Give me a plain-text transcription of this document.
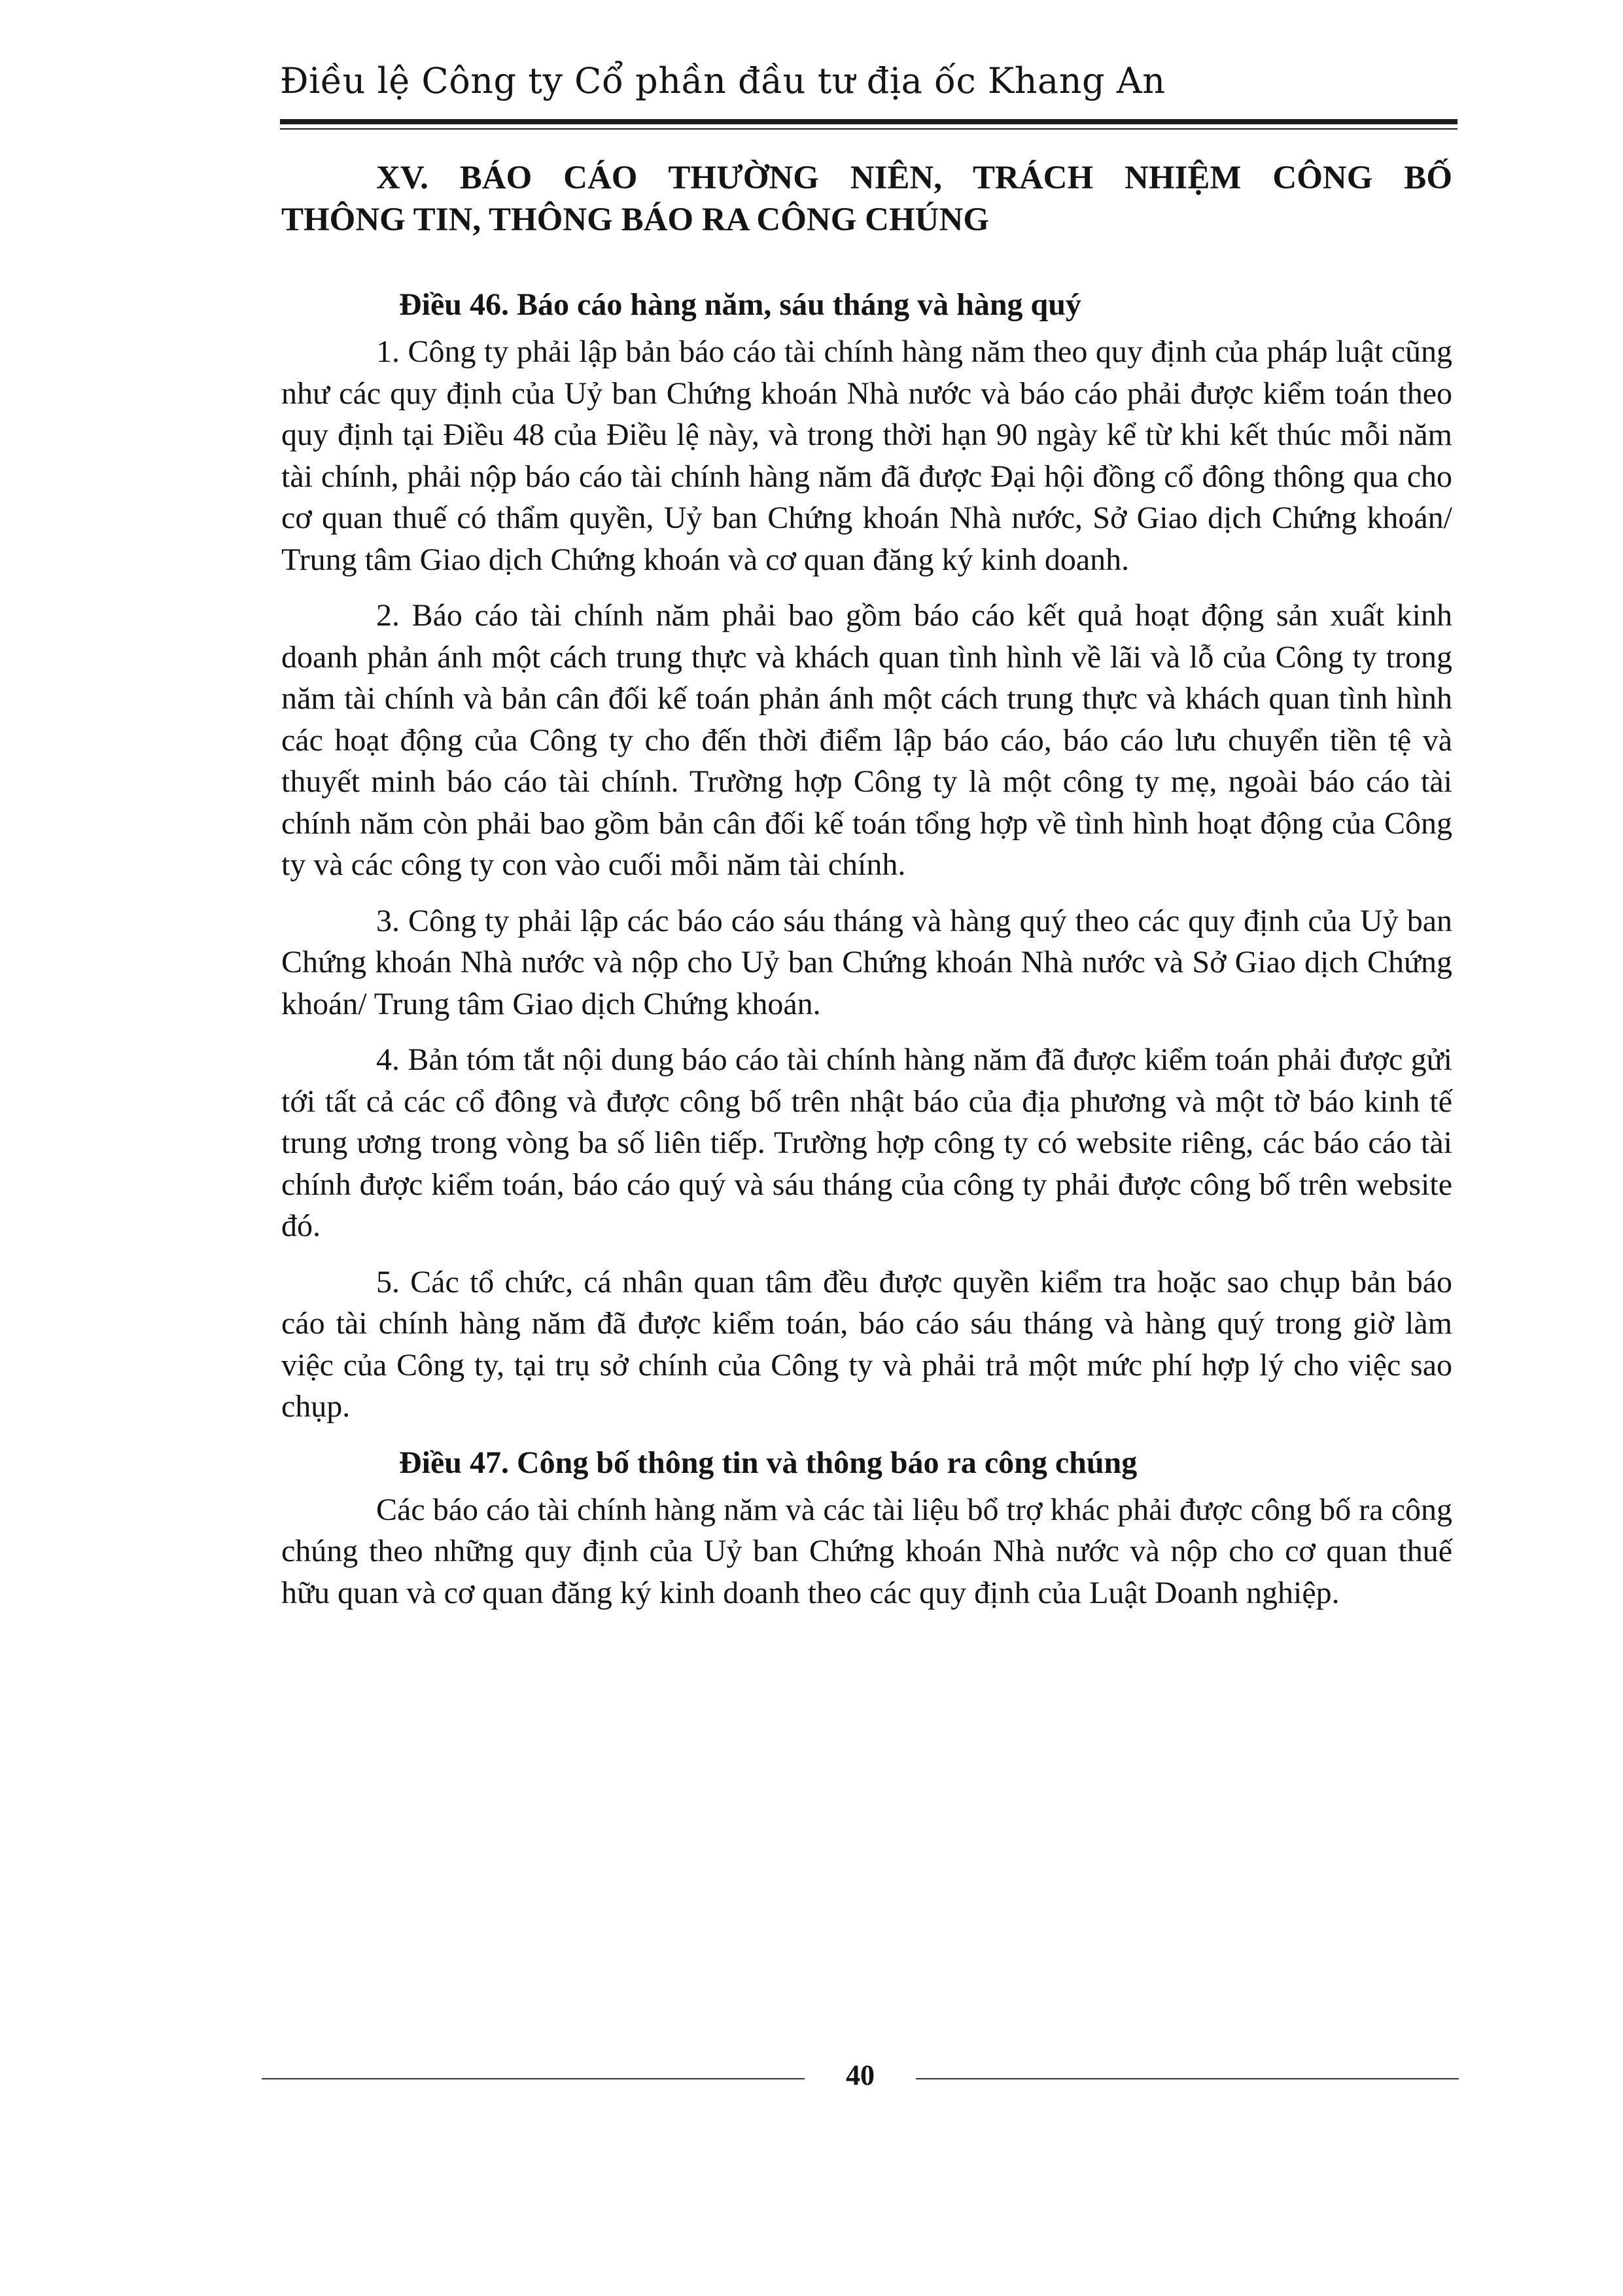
Điều lệ Công ty Cổ phần đầu tư địa ốc Khang An
XV. BÁO CÁO THƯỜNG NIÊN, TRÁCH NHIỆM CÔNG BỐ
THÔNG TIN, THÔNG BÁO RA CÔNG CHÚNG
Điều 46. Báo cáo hàng năm, sáu tháng và hàng quý

1. Công ty phải lập bản báo cáo tài chính hàng năm theo quy định của pháp luật cũng như các quy định của Uỷ ban Chứng khoán Nhà nước và báo cáo phải được kiểm toán theo quy định tại Điều 48 của Điều lệ này, và trong thời hạn 90 ngày kể từ khi kết thúc mỗi năm tài chính, phải nộp báo cáo tài chính hàng năm đã được Đại hội đồng cổ đông thông qua cho cơ quan thuế có thẩm quyền, Uỷ ban Chứng khoán Nhà nước, Sở Giao dịch Chứng khoán/ Trung tâm Giao dịch Chứng khoán và cơ quan đăng ký kinh doanh.

2. Báo cáo tài chính năm phải bao gồm báo cáo kết quả hoạt động sản xuất kinh doanh phản ánh một cách trung thực và khách quan tình hình về lãi và lỗ của Công ty trong năm tài chính và bản cân đối kế toán phản ánh một cách trung thực và khách quan tình hình các hoạt động của Công ty cho đến thời điểm lập báo cáo, báo cáo lưu chuyển tiền tệ và thuyết minh báo cáo tài chính. Trường hợp Công ty là một công ty mẹ, ngoài báo cáo tài chính năm còn phải bao gồm bản cân đối kế toán tổng hợp về tình hình hoạt động của Công ty và các công ty con vào cuối mỗi năm tài chính.

3. Công ty phải lập các báo cáo sáu tháng và hàng quý theo các quy định của Uỷ ban Chứng khoán Nhà nước và nộp cho Uỷ ban Chứng khoán Nhà nước và Sở Giao dịch Chứng khoán/ Trung tâm Giao dịch Chứng khoán.

4. Bản tóm tắt nội dung báo cáo tài chính hàng năm đã được kiểm toán phải được gửi tới tất cả các cổ đông và được công bố trên nhật báo của địa phương và một tờ báo kinh tế trung ương trong vòng ba số liên tiếp. Trường hợp công ty có website riêng, các báo cáo tài chính được kiểm toán, báo cáo quý và sáu tháng của công ty phải được công bố trên website đó.

5. Các tổ chức, cá nhân quan tâm đều được quyền kiểm tra hoặc sao chụp bản báo cáo tài chính hàng năm đã được kiểm toán, báo cáo sáu tháng và hàng quý trong giờ làm việc của Công ty, tại trụ sở chính của Công ty và phải trả một mức phí hợp lý cho việc sao chụp.

Điều 47. Công bố thông tin và thông báo ra công chúng

Các báo cáo tài chính hàng năm và các tài liệu bổ trợ khác phải được công bố ra công chúng theo những quy định của Uỷ ban Chứng khoán Nhà nước và nộp cho cơ quan thuế hữu quan và cơ quan đăng ký kinh doanh theo các quy định của Luật Doanh nghiệp.

40
